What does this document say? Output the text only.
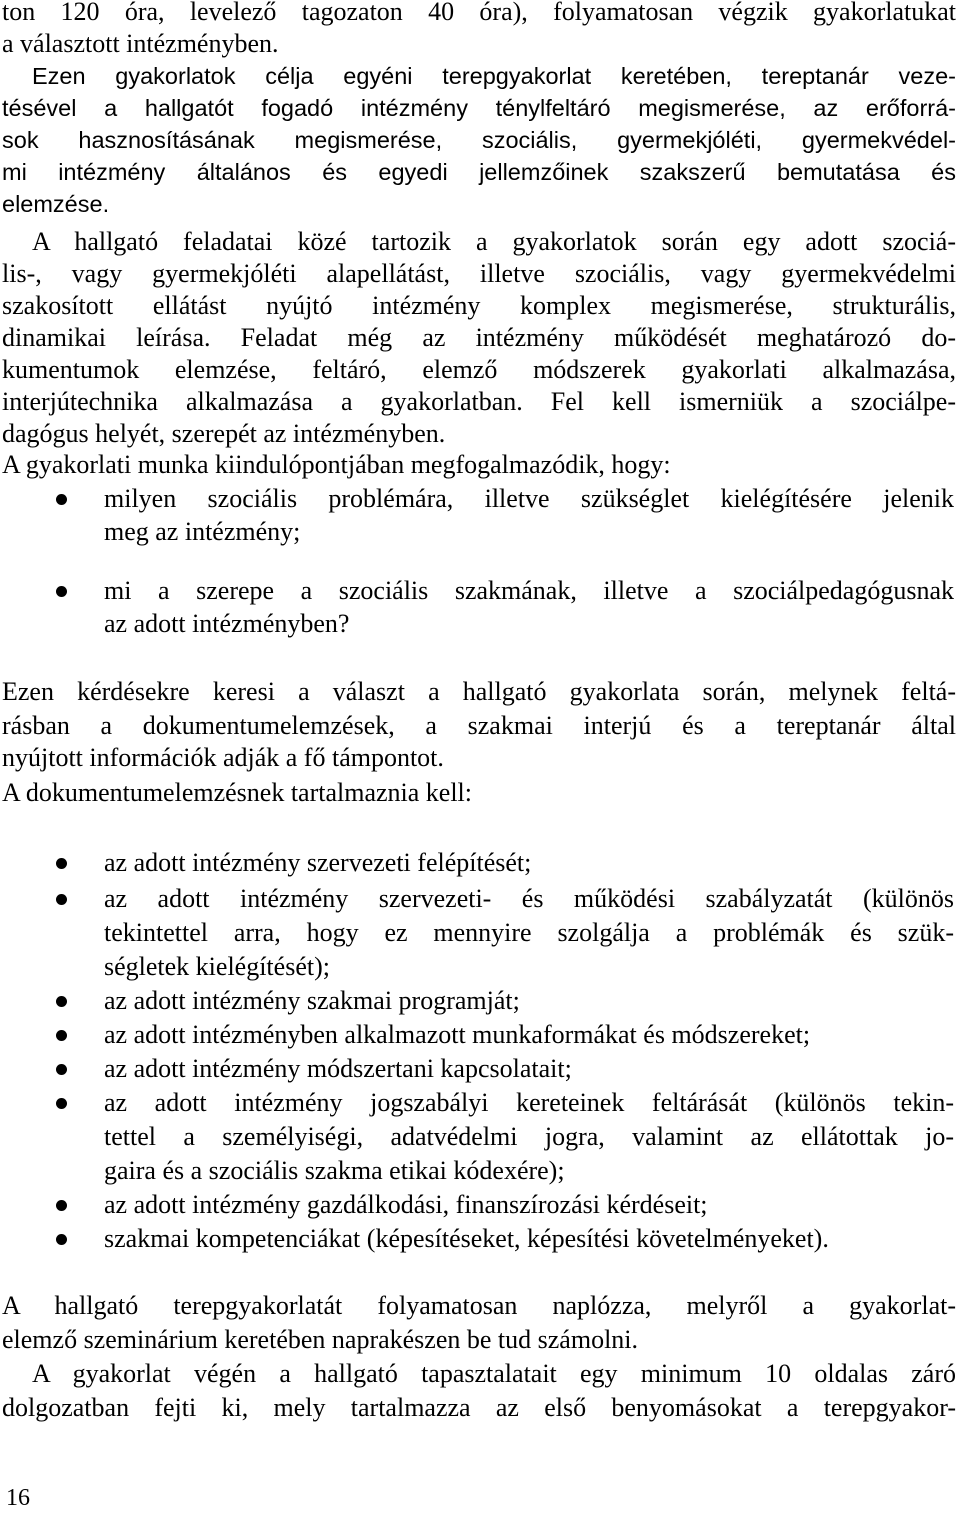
ton 120 óra, levelező tagozaton 40 óra), folyamatosan végzik gyakorlatukat
a választott intézményben.
Ezen gyakorlatok célja egyéni terepgyakorlat keretében, tereptanár veze-
tésével a hallgatót fogadó intézmény ténylfeltáró megismerése, az erőforrá-
sok hasznosításának megismerése, szociális, gyermekjóléti, gyermekvédel-
mi intézmény általános és egyedi jellemzőinek szakszerű bemutatása és
elemzése.
A hallgató feladatai közé tartozik a gyakorlatok során egy adott szociá-
lis-, vagy gyermekjóléti alapellátást, illetve szociális, vagy gyermekvédelmi
szakosított ellátást nyújtó intézmény komplex megismerése, strukturális,
dinamikai leírása. Feladat még az intézmény működését meghatározó do-
kumentumok elemzése, feltáró, elemző módszerek gyakorlati alkalmazása,
interjútechnika alkalmazása a gyakorlatban. Fel kell ismerniük a szociálpe-
dagógus helyét, szerepét az intézményben.
A gyakorlati munka kiindulópontjában megfogalmazódik, hogy:
milyen szociális problémára, illetve szükséglet kielégítésére jelenik
meg az intézmény;
mi a szerepe a szociális szakmának, illetve a szociálpedagógusnak
az adott intézményben?
Ezen kérdésekre keresi a választ a hallgató gyakorlata során, melynek feltá-
rásban a dokumentumelemzések, a szakmai interjú és a tereptanár által
nyújtott információk adják a fő támpontot.
A dokumentumelemzésnek tartalmaznia kell:
az adott intézmény szervezeti felépítését;
az adott intézmény szervezeti- és működési szabályzatát (különös
tekintettel arra, hogy ez mennyire szolgálja a problémák és szük-
ségletek kielégítését);
az adott intézmény szakmai programját;
az adott intézményben alkalmazott munkaformákat és módszereket;
az adott intézmény módszertani kapcsolatait;
az adott intézmény jogszabályi kereteinek feltárását (különös tekin-
tettel a személyiségi, adatvédelmi jogra, valamint az ellátottak jo-
gaira és a szociális szakma etikai kódexére);
az adott intézmény gazdálkodási, finanszírozási kérdéseit;
szakmai kompetenciákat (képesítéseket, képesítési követelményeket).
A hallgató terepgyakorlatát folyamatosan naplózza, melyről a gyakorlat-
elemző szeminárium keretében naprakészen be tud számolni.
A gyakorlat végén a hallgató tapasztalatait egy minimum 10 oldalas záró
dolgozatban fejti ki, mely tartalmazza az első benyomásokat a terepgyakor-
16
